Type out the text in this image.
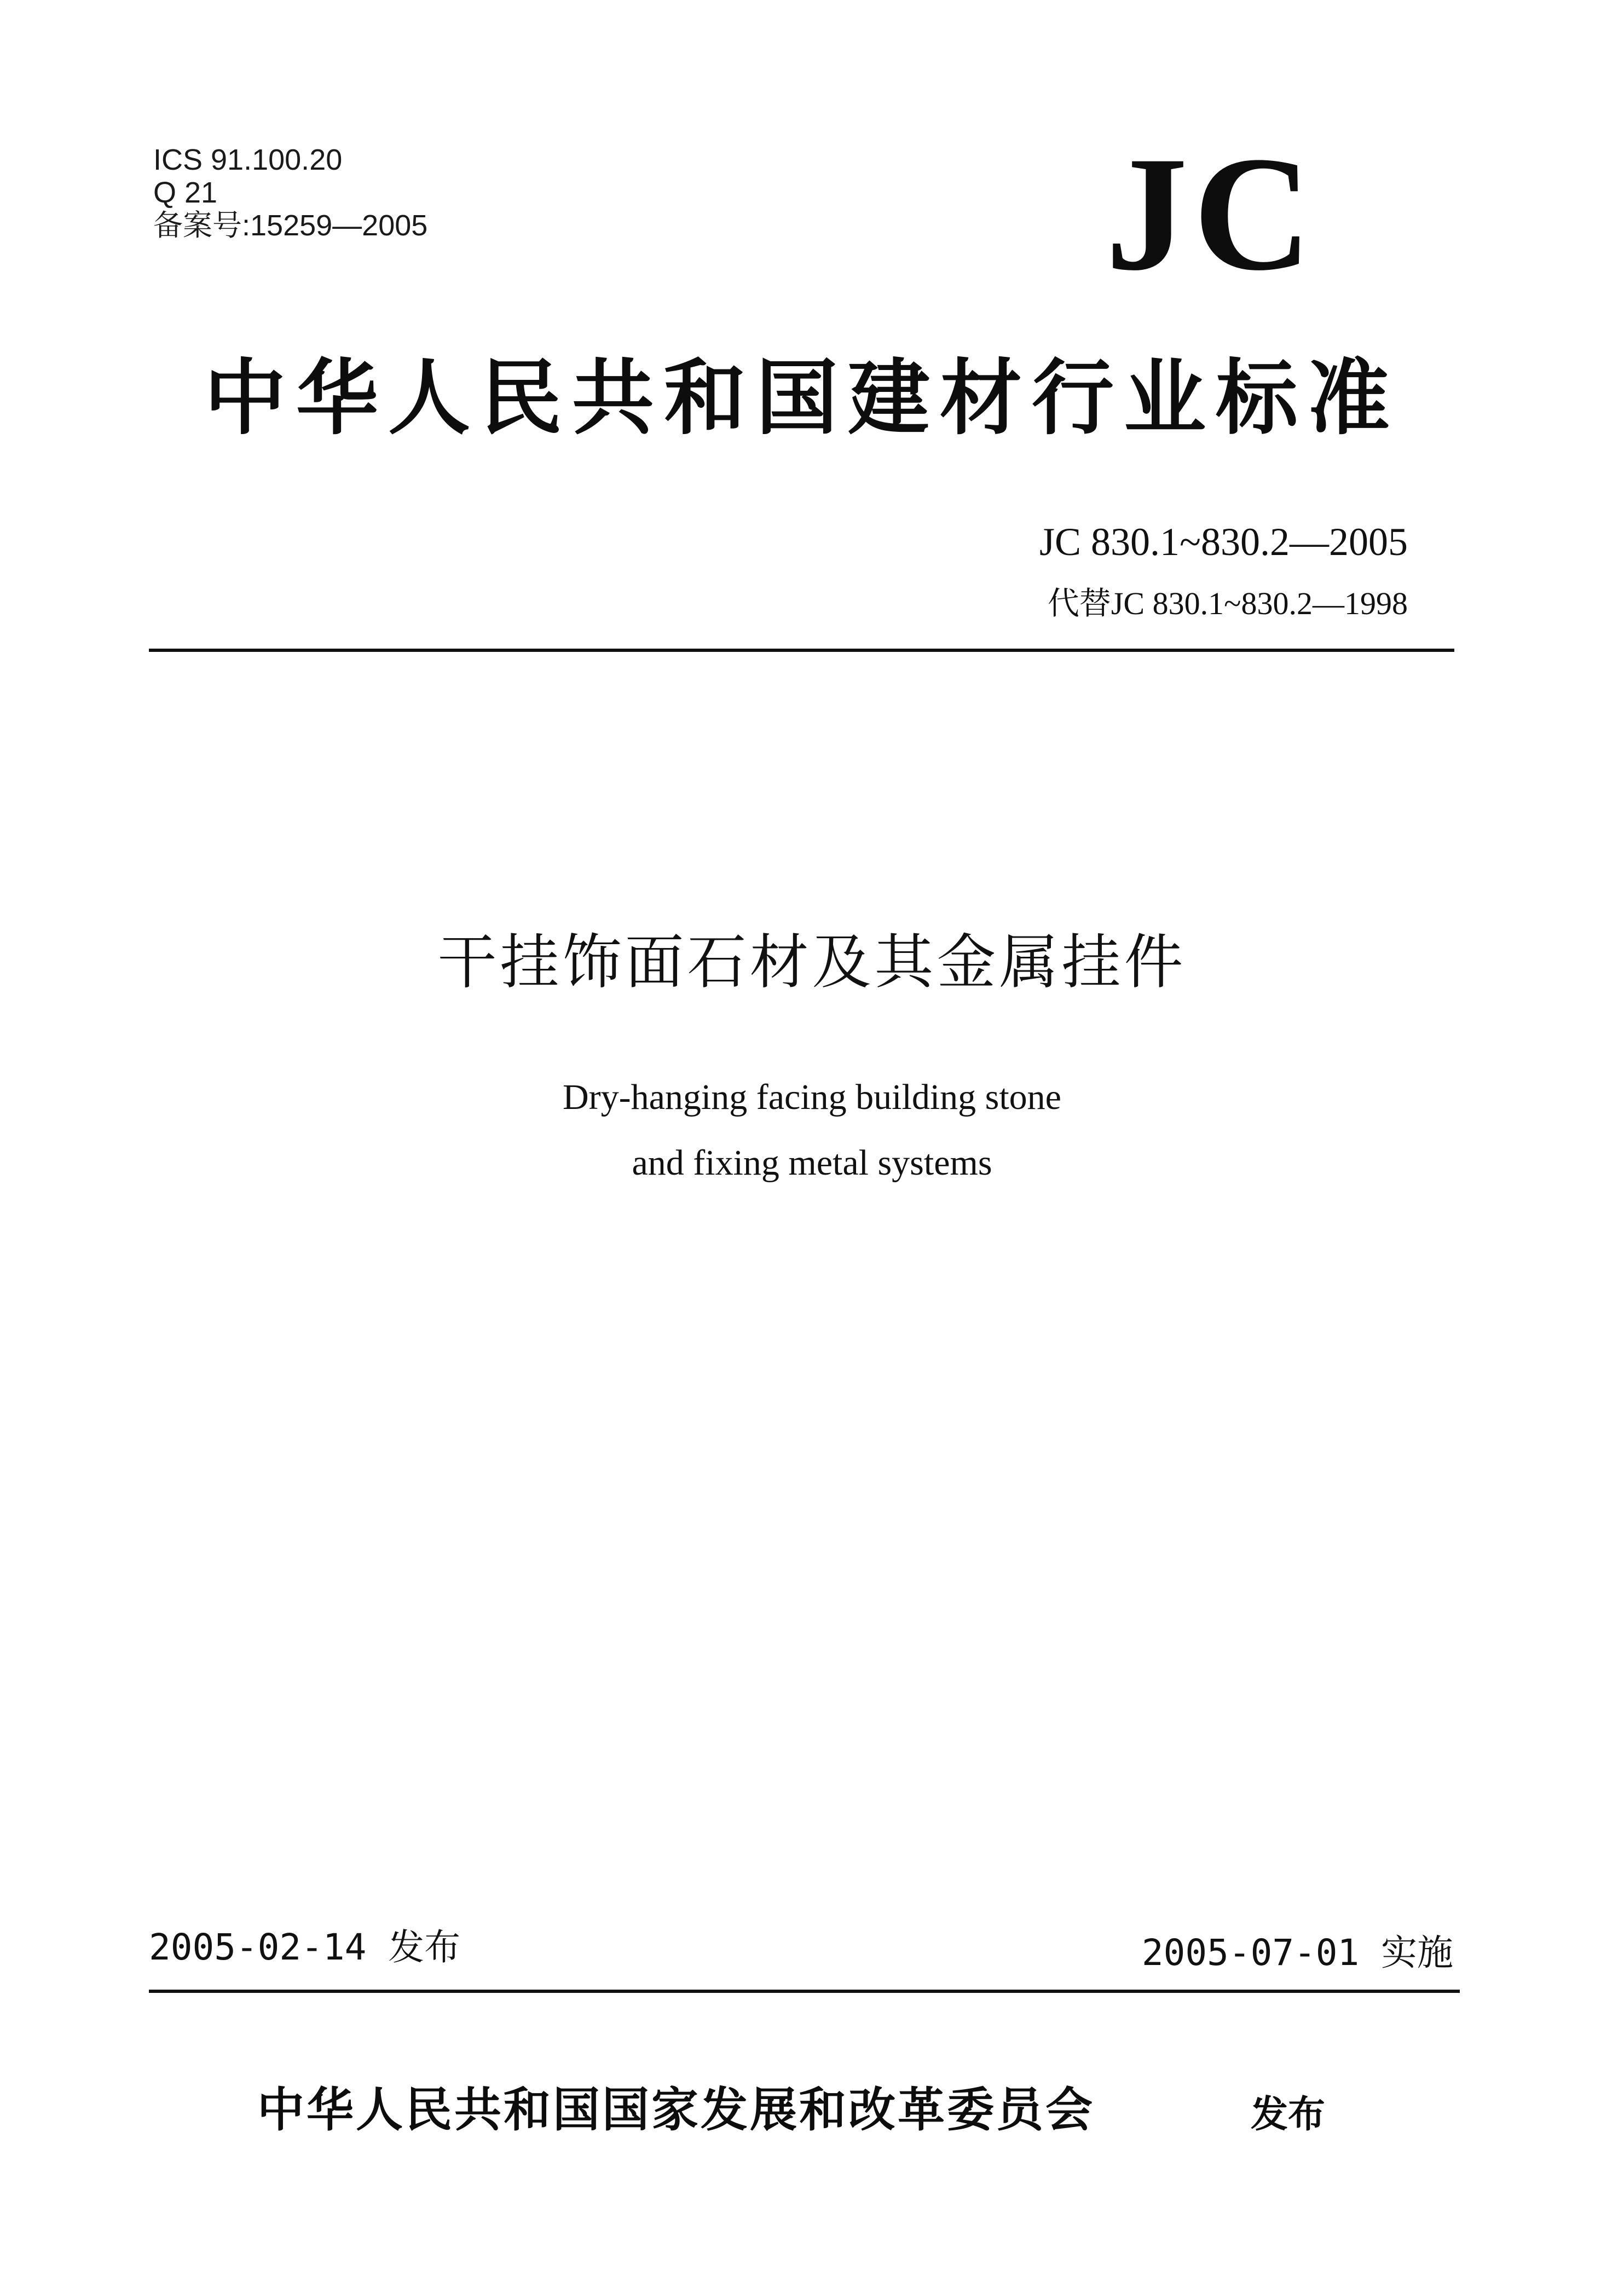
ICS 91.100.20
Q 21
备案号:15259—2005	JC
中华人民共和国建材行业标准
JC 830.1~830.2—2005
代替JC 830.1~830.2—1998
干挂饰面石材及其金属挂件
Dry-hanging facing building stone
and fixing metal systems
2005-02-14 发布	2005-07-01 实施
中华人民共和国国家发展和改革委员会	发布
